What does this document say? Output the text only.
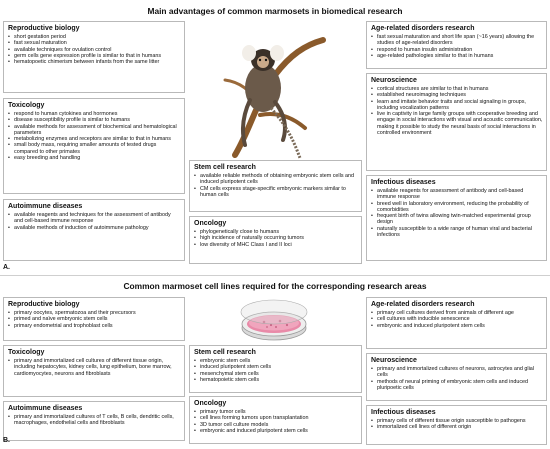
Main advantages of common marmosets in biomedical research
Reproductive biology
• short gestation period
• fast sexual maturation
• available techniques for ovulation control
• germ cells gene expression profile is similar to that in humans
• hematopoetic chimerism between infants from the same litter
Toxicology
• respond to human cytokines and hormones
• disease susceptibility profile is similar to humans
• available methods for assessment of biochemical and hematological parameters
• metabolizing enzymes and receptors are similar to that in humans
• small body mass, requiring smaller amounts of tested drugs compared to other primates
• easy breeding and handling
Autoimmune diseases
• available reagents and techniques for the assessment of antibody and cell-based immune response
• available methods of induction of autoimmune pathology
Stem cell research
• available reliable methods of obtaining embryonic stem cells and induced pluripotent cells
• CM cells express stage-specific embryonic markers similar to human cells
Oncology
• phylogenetically close to humans
• high incidence of naturally occurring tumors
• low diversity of MHC Class I and II loci
Age-related disorders research
• fast sexual maturation and short life span (~16 years) allowing the studies of age-related disorders
• respond to human insulin administration
• age-related pathologies similar to that in humans
Neuroscience
• cortical structures are similar to that in humans
• established neuroimaging techniques
• learn and imitate behavior traits and social signaling in groups, including vocalization patterns
• live in captivity in large family groups with cooperative breeding and engage in social interactions with visual and acoustic communication, making it possible to study the neural basis of social interactions in controlled environment
Infectious diseases
• available reagents for assessment of antibody and cell-based immune response
• breed well in laboratory environment, reducing the probability of comorbidities
• frequent birth of twins allowing twin-matched experimental group design
• naturally susceptible to a wide range of human viral and bacterial infections
A.
Common marmoset cell lines required for the corresponding research areas
Reproductive biology
• primary oocytes, spermatozoa and their precursors
• primed and naïve embryonic stem cells
• primary endometrial and trophoblast cells
Toxicology
• primary and immortalized cell cultures of different tissue origin, including hepatocytes, kidney cells, lung epithelium, bone marrow, cardiomyocytes, neurons and fibroblasts
Autoimmune diseases
• primary and immortalized cultures of T cells, B cells, dendritic cells, macrophages, endothelial cells and fibroblasts
Stem cell research
• embryonic stem cells
• induced pluripotent stem cells
• mesenchymal stem cells
• hematopoietic stem cells
Oncology
• primary tumor cells
• cell lines forming tumors upon transplantation
• 3D tumor cell culture models
• embryonic and induced pluripotent stem cells
Age-related disorders research
• primary cell cultures derived from animals of different age
• cell cultures with inducible senescence
• embryonic and induced pluripotent stem cells
Neuroscience
• primary and immortalized cultures of neurons, astrocytes and glial cells
• methods of neural priming of embryonic stem cells and induced pluripoetic cells
Infectious diseases
• primary cells of different tissue origin susceptible to pathogens
• immortalized cell lines of different origin
B.
